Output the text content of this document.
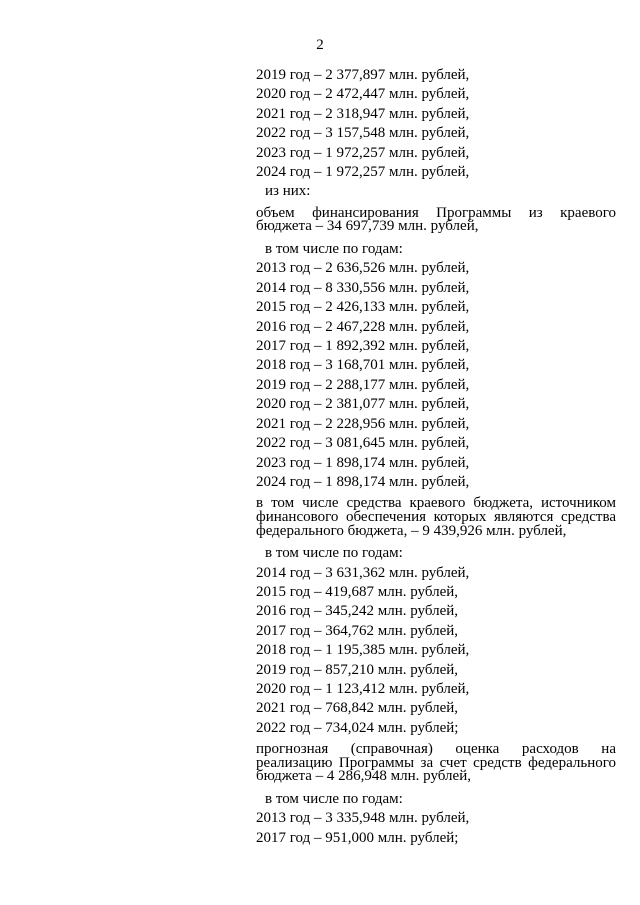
2

2019 год – 2 377,897 млн. рублей,

2020 год – 2 472,447 млн. рублей,

2021 год – 2 318,947 млн. рублей,

2022 год – 3 157,548 млн. рублей,

2023 год – 1 972,257 млн. рублей,

2024 год – 1 972,257 млн. рублей,

из них:

объем финансирования Программы из краевого бюджета – 34 697,739 млн. рублей,

в том числе по годам:

2013 год – 2 636,526 млн. рублей,

2014 год – 8 330,556 млн. рублей,

2015 год – 2 426,133 млн. рублей,

2016 год – 2 467,228 млн. рублей,

2017 год – 1 892,392 млн. рублей,

2018 год – 3 168,701 млн. рублей,

2019 год – 2 288,177 млн. рублей,

2020 год – 2 381,077 млн. рублей,

2021 год – 2 228,956 млн. рублей,

2022 год – 3 081,645 млн. рублей,

2023 год – 1 898,174 млн. рублей,

2024 год – 1 898,174 млн. рублей,

в том числе средства краевого бюджета, источником финансового обеспечения которых являются средства федерального бюджета, – 9 439,926 млн. рублей,

в том числе по годам:

2014 год – 3 631,362 млн. рублей,

2015 год – 419,687 млн. рублей,

2016 год – 345,242 млн. рублей,

2017 год – 364,762 млн. рублей,

2018 год – 1 195,385 млн. рублей,

2019 год – 857,210 млн. рублей,

2020 год – 1 123,412 млн. рублей,

2021 год – 768,842 млн. рублей,

2022 год – 734,024 млн. рублей;

прогнозная (справочная) оценка расходов на реализацию Программы за счет средств федерального бюджета – 4 286,948 млн. рублей,

в том числе по годам:

2013 год – 3 335,948 млн. рублей,

2017 год – 951,000 млн. рублей;
